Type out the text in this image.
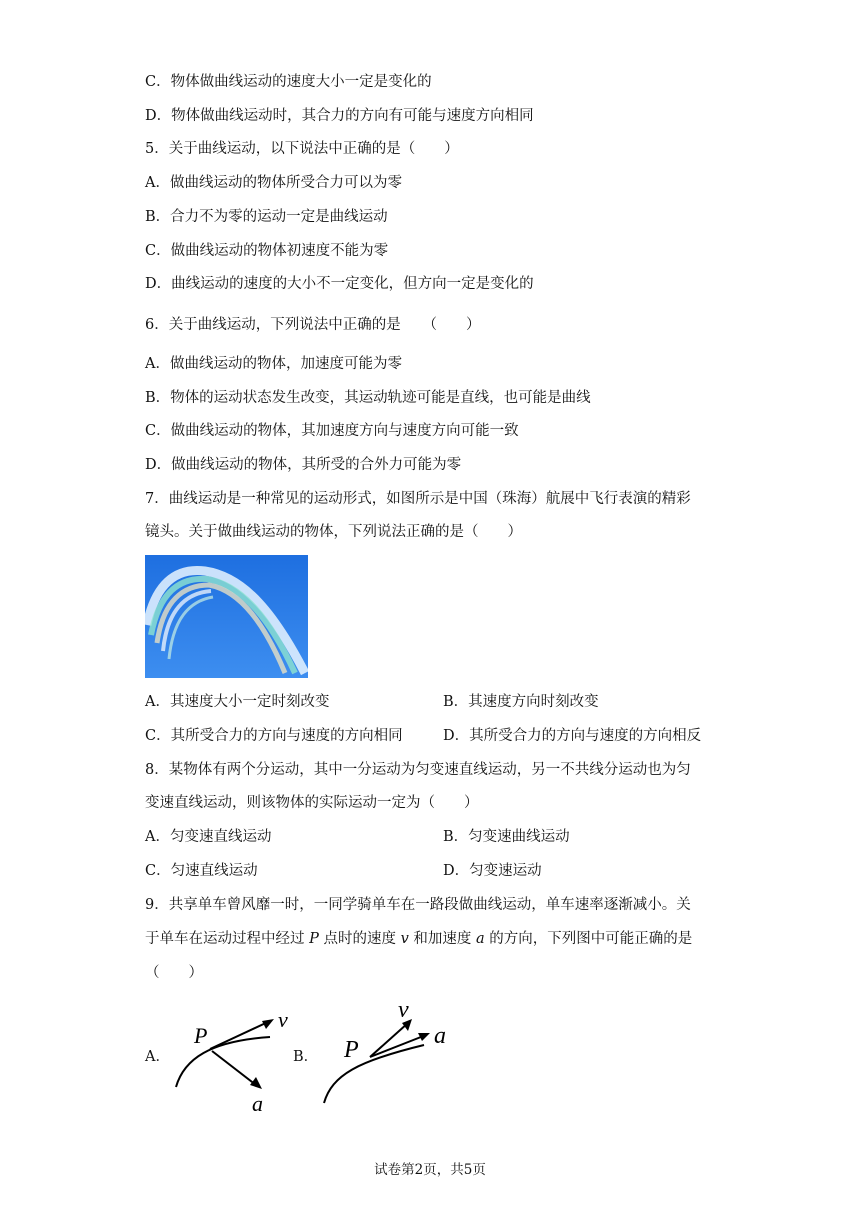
C．物体做曲线运动的速度大小一定是变化的
D．物体做曲线运动时，其合力的方向有可能与速度方向相同
5．关于曲线运动，以下说法中正确的是（　　）
A．做曲线运动的物体所受合力可以为零
B．合力不为零的运动一定是曲线运动
C．做曲线运动的物体初速度不能为零
D．曲线运动的速度的大小不一定变化，但方向一定是变化的
6．关于曲线运动，下列说法中正确的是　　（　　）
A．做曲线运动的物体，加速度可能为零
B．物体的运动状态发生改变，其运动轨迹可能是直线，也可能是曲线
C．做曲线运动的物体，其加速度方向与速度方向可能一致
D．做曲线运动的物体，其所受的合外力可能为零
7．曲线运动是一种常见的运动形式，如图所示是中国（珠海）航展中飞行表演的精彩
镜头。关于做曲线运动的物体，下列说法正确的是（　　）
A．其速度大小一定时刻改变	B．其速度方向时刻改变
C．其所受合力的方向与速度的方向相同	D．其所受合力的方向与速度的方向相反
8．某物体有两个分运动，其中一分运动为匀变速直线运动，另一不共线分运动也为匀
变速直线运动，则该物体的实际运动一定为（　　）
A．匀变速直线运动	B．匀变速曲线运动
C．匀速直线运动	D．匀变速运动
9．共享单车曾风靡一时，一同学骑单车在一路段做曲线运动，单车速率逐渐减小。关
于单车在运动过程中经过 P 点时的速度 v 和加速度 a 的方向，下列图中可能正确的是
（　　）
A．
P
v
a
B． P
v
a
试卷第2页，共5页
